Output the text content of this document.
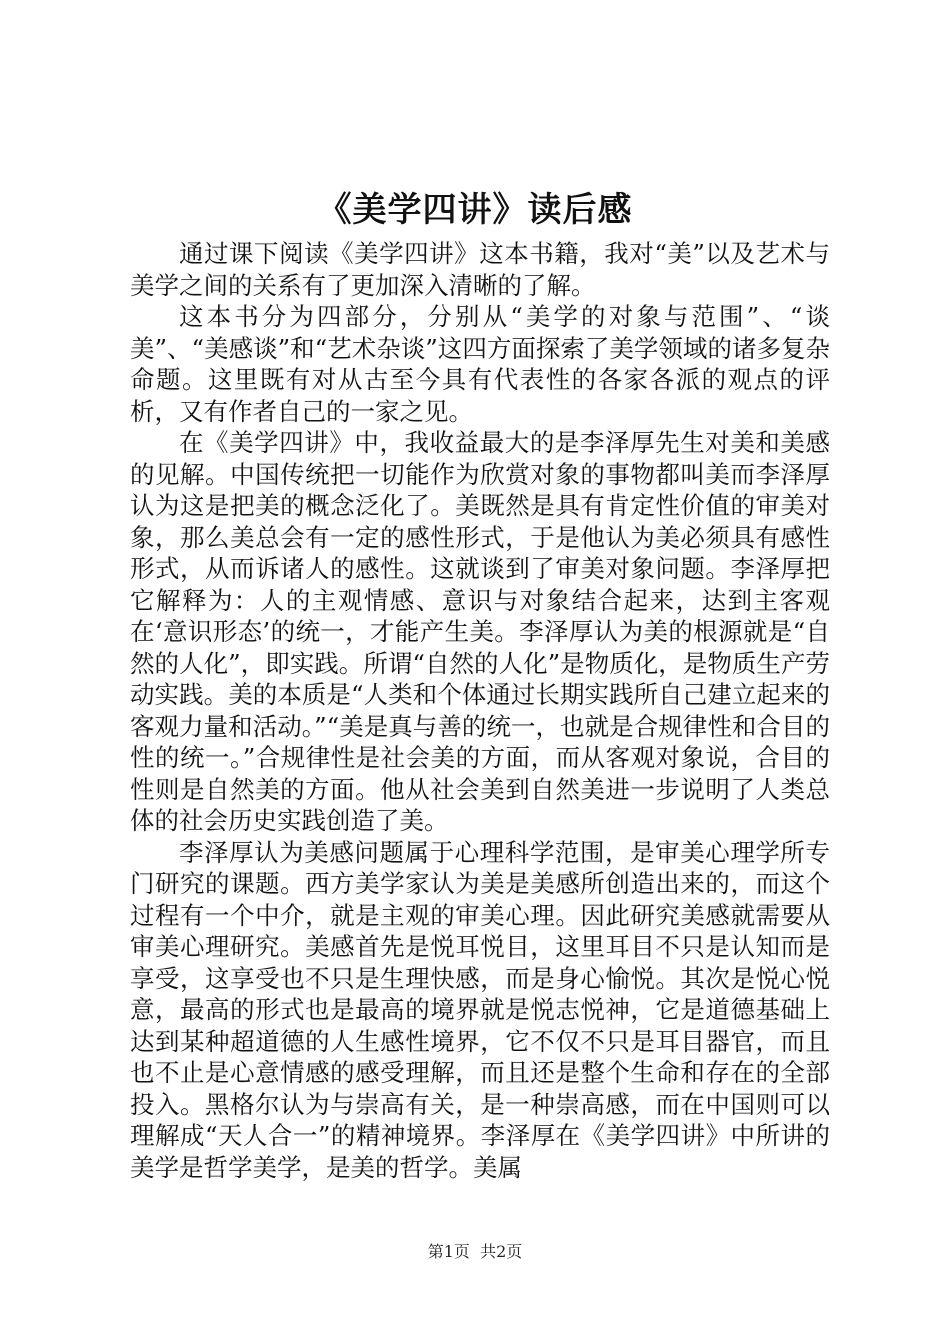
《美学四讲》读后感

通过课下阅读《美学四讲》这本书籍，我对“美”以及艺术与美学之间的关系有了更加深入清晰的了解。

这本书分为四部分，分别从“美学的对象与范围”、“谈美”、“美感谈”和“艺术杂谈”这四方面探索了美学领域的诸多复杂命题。这里既有对从古至今具有代表性的各家各派的观点的评析，又有作者自己的一家之见。

在《美学四讲》中，我收益最大的是李泽厚先生对美和美感的见解。中国传统把一切能作为欣赏对象的事物都叫美而李泽厚认为这是把美的概念泛化了。美既然是具有肯定性价值的审美对象，那么美总会有一定的感性形式，于是他认为美必须具有感性形式，从而诉诸人的感性。这就谈到了审美对象问题。李泽厚把它解释为：人的主观情感、意识与对象结合起来，达到主客观在‘意识形态’的统一，才能产生美。李泽厚认为美的根源就是“自然的人化”，即实践。所谓“自然的人化”是物质化，是物质生产劳动实践。美的本质是“人类和个体通过长期实践所自己建立起来的客观力量和活动。”“美是真与善的统一，也就是合规律性和合目的性的统一。”合规律性是社会美的方面，而从客观对象说，合目的性则是自然美的方面。他从社会美到自然美进一步说明了人类总体的社会历史实践创造了美。

李泽厚认为美感问题属于心理科学范围，是审美心理学所专门研究的课题。西方美学家认为美是美感所创造出来的，而这个过程有一个中介，就是主观的审美心理。因此研究美感就需要从审美心理研究。美感首先是悦耳悦目，这里耳目不只是认知而是享受，这享受也不只是生理快感，而是身心愉悦。其次是悦心悦意，最高的形式也是最高的境界就是悦志悦神，它是道德基础上达到某种超道德的人生感性境界，它不仅不只是耳目器官，而且也不止是心意情感的感受理解，而且还是整个生命和存在的全部投入。黑格尔认为与崇高有关，是一种崇高感，而在中国则可以理解成“天人合一”的精神境界。李泽厚在《美学四讲》中所讲的美学是哲学美学，是美的哲学。美属

第1页 共2页
